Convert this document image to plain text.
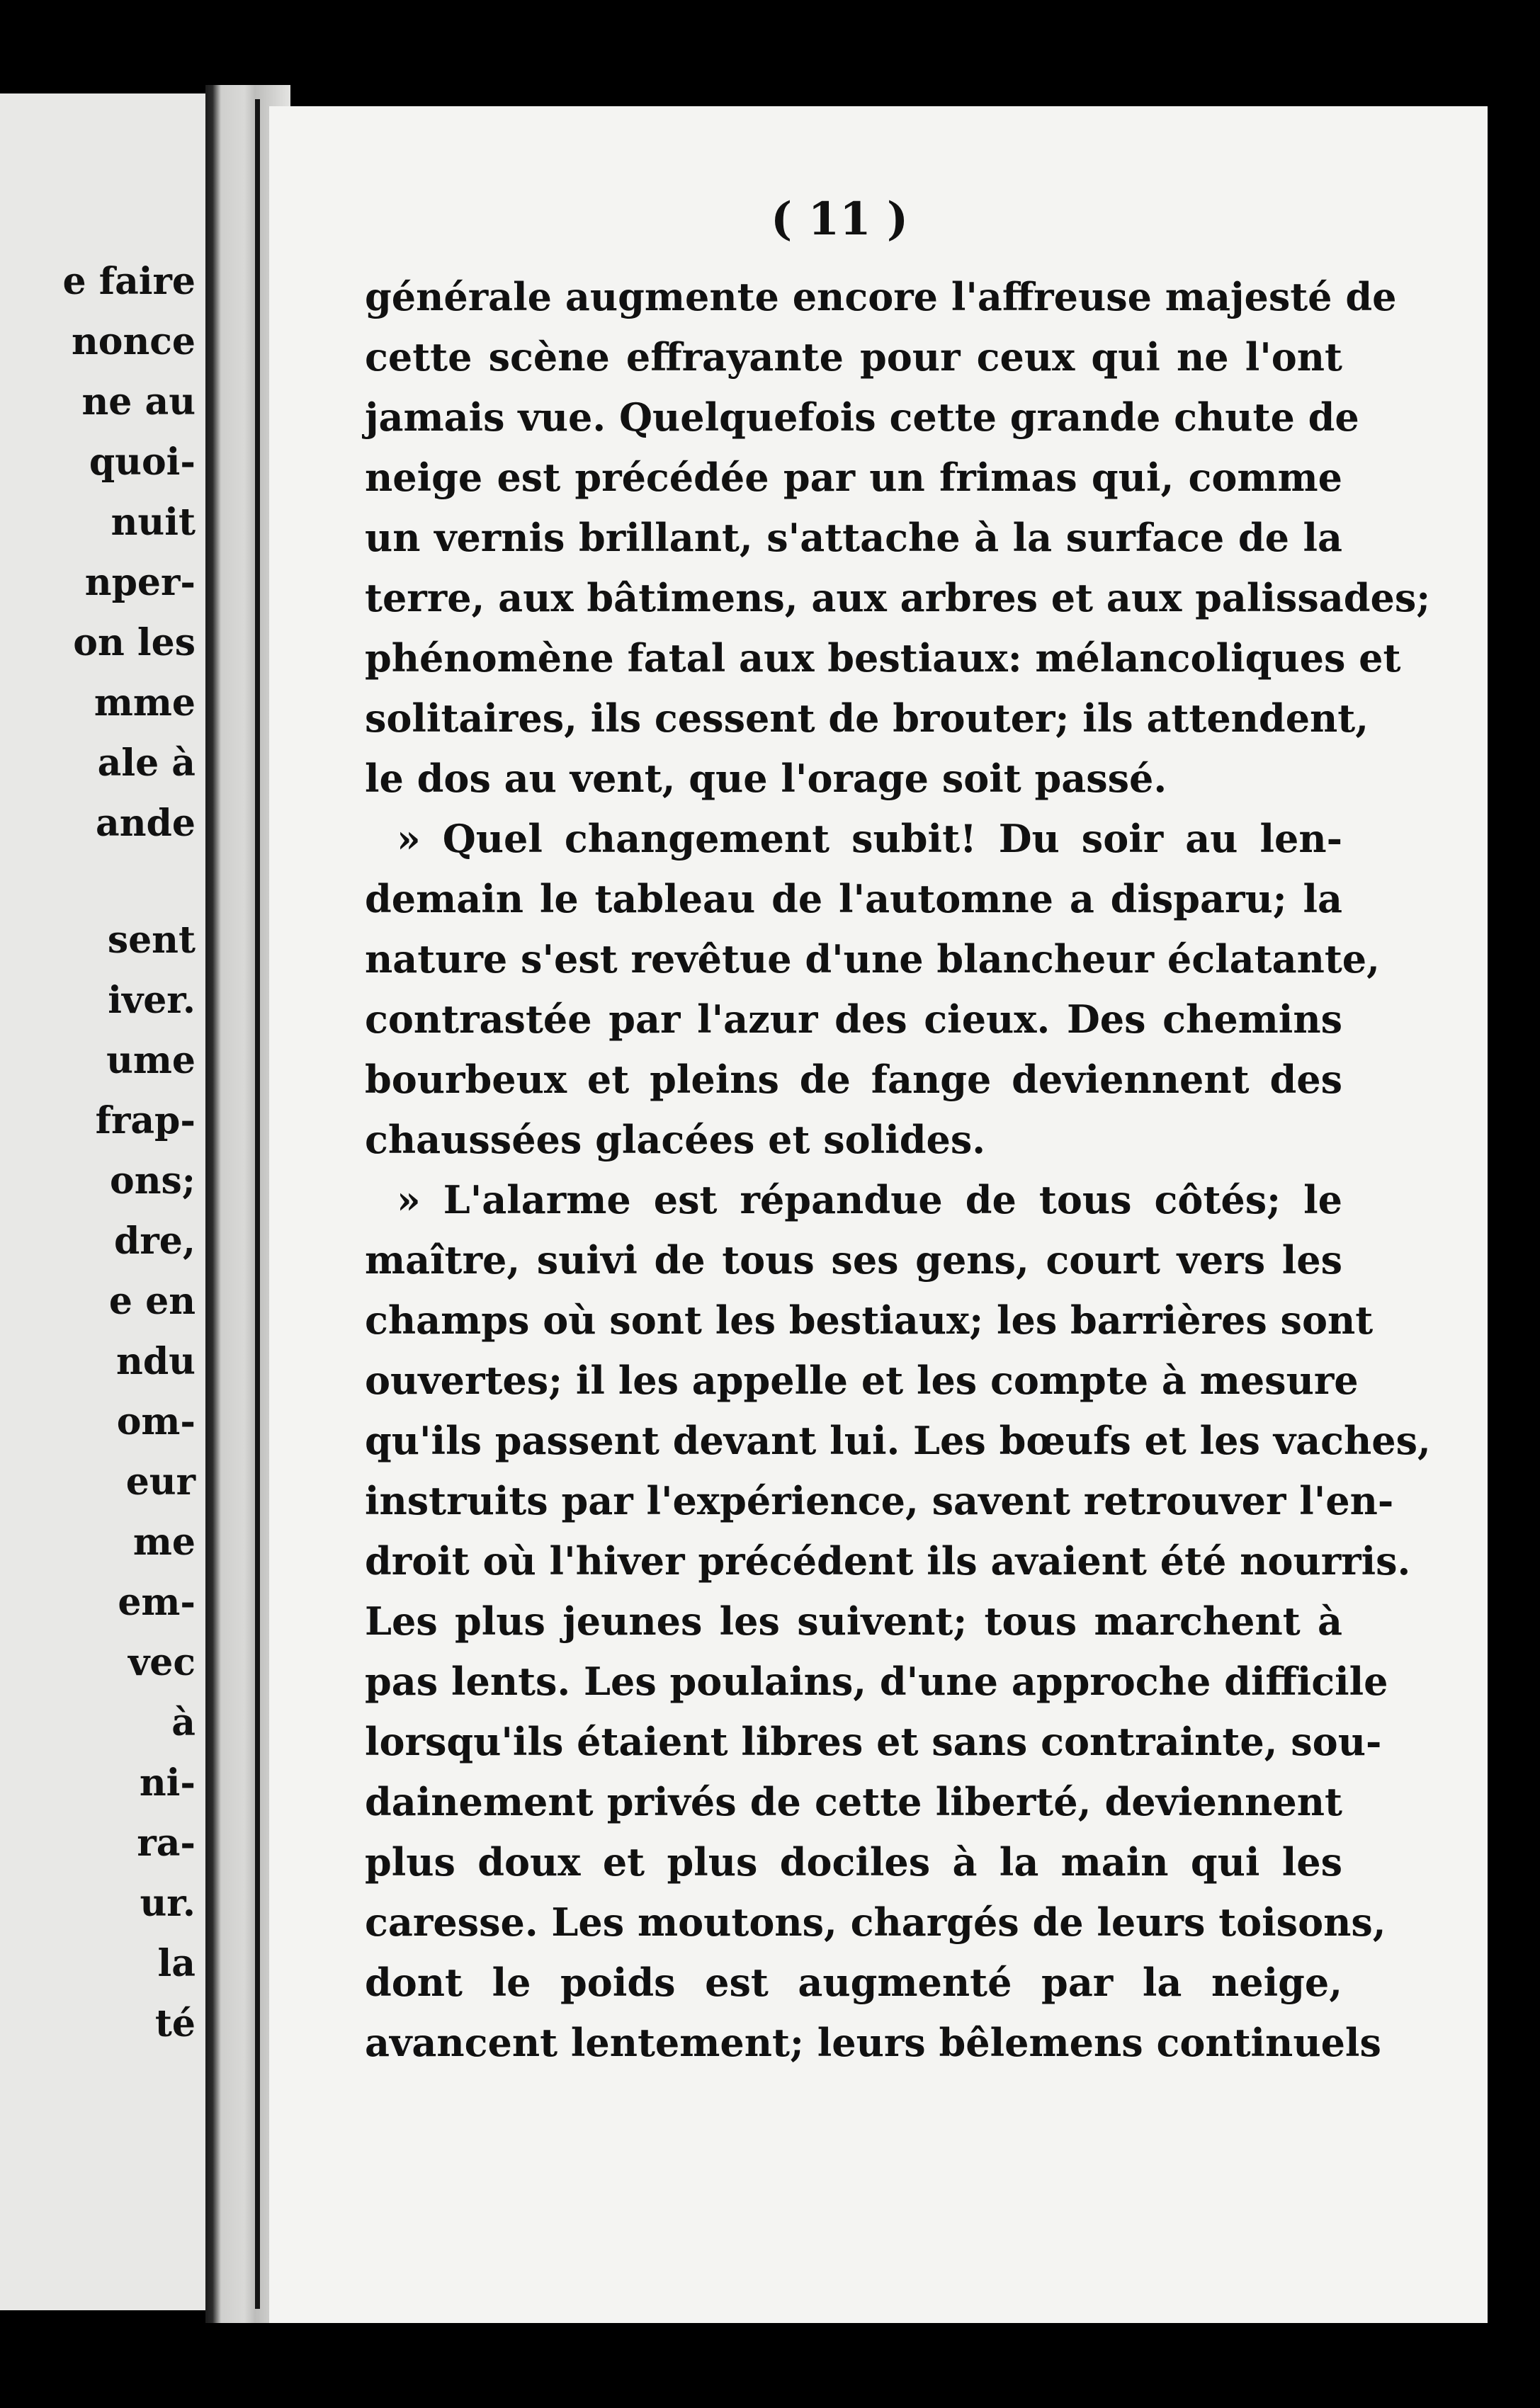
e faire
nonce
ne au
quoi-
nuit
nper-
on les
mme
ale à
ande
sent
iver.
ume
frap-
ons;
dre,
e en
ndu
om-
eur
me
em-
vec
à
ni-
ra-
ur.
la
té
( 11 )
générale augmente encore l'affreuse majesté de
cette scène effrayante pour ceux qui ne l'ont
jamais vue. Quelquefois cette grande chute de
neige est précédée par un frimas qui, comme
un vernis brillant, s'attache à la surface de la
terre, aux bâtimens, aux arbres et aux palissades;
phénomène fatal aux bestiaux: mélancoliques et
solitaires, ils cessent de brouter; ils attendent,
le dos au vent, que l'orage soit passé.
» Quel changement subit! Du soir au len-
demain le tableau de l'automne a disparu; la
nature s'est revêtue d'une blancheur éclatante,
contrastée par l'azur des cieux. Des chemins
bourbeux et pleins de fange deviennent des
chaussées glacées et solides.
» L'alarme est répandue de tous côtés; le
maître, suivi de tous ses gens, court vers les
champs où sont les bestiaux; les barrières sont
ouvertes; il les appelle et les compte à mesure
qu'ils passent devant lui. Les bœufs et les vaches,
instruits par l'expérience, savent retrouver l'en-
droit où l'hiver précédent ils avaient été nourris.
Les plus jeunes les suivent; tous marchent à
pas lents. Les poulains, d'une approche difficile
lorsqu'ils étaient libres et sans contrainte, sou-
dainement privés de cette liberté, deviennent
plus doux et plus dociles à la main qui les
caresse. Les moutons, chargés de leurs toisons,
dont le poids est augmenté par la neige,
avancent lentement; leurs bêlemens continuels
